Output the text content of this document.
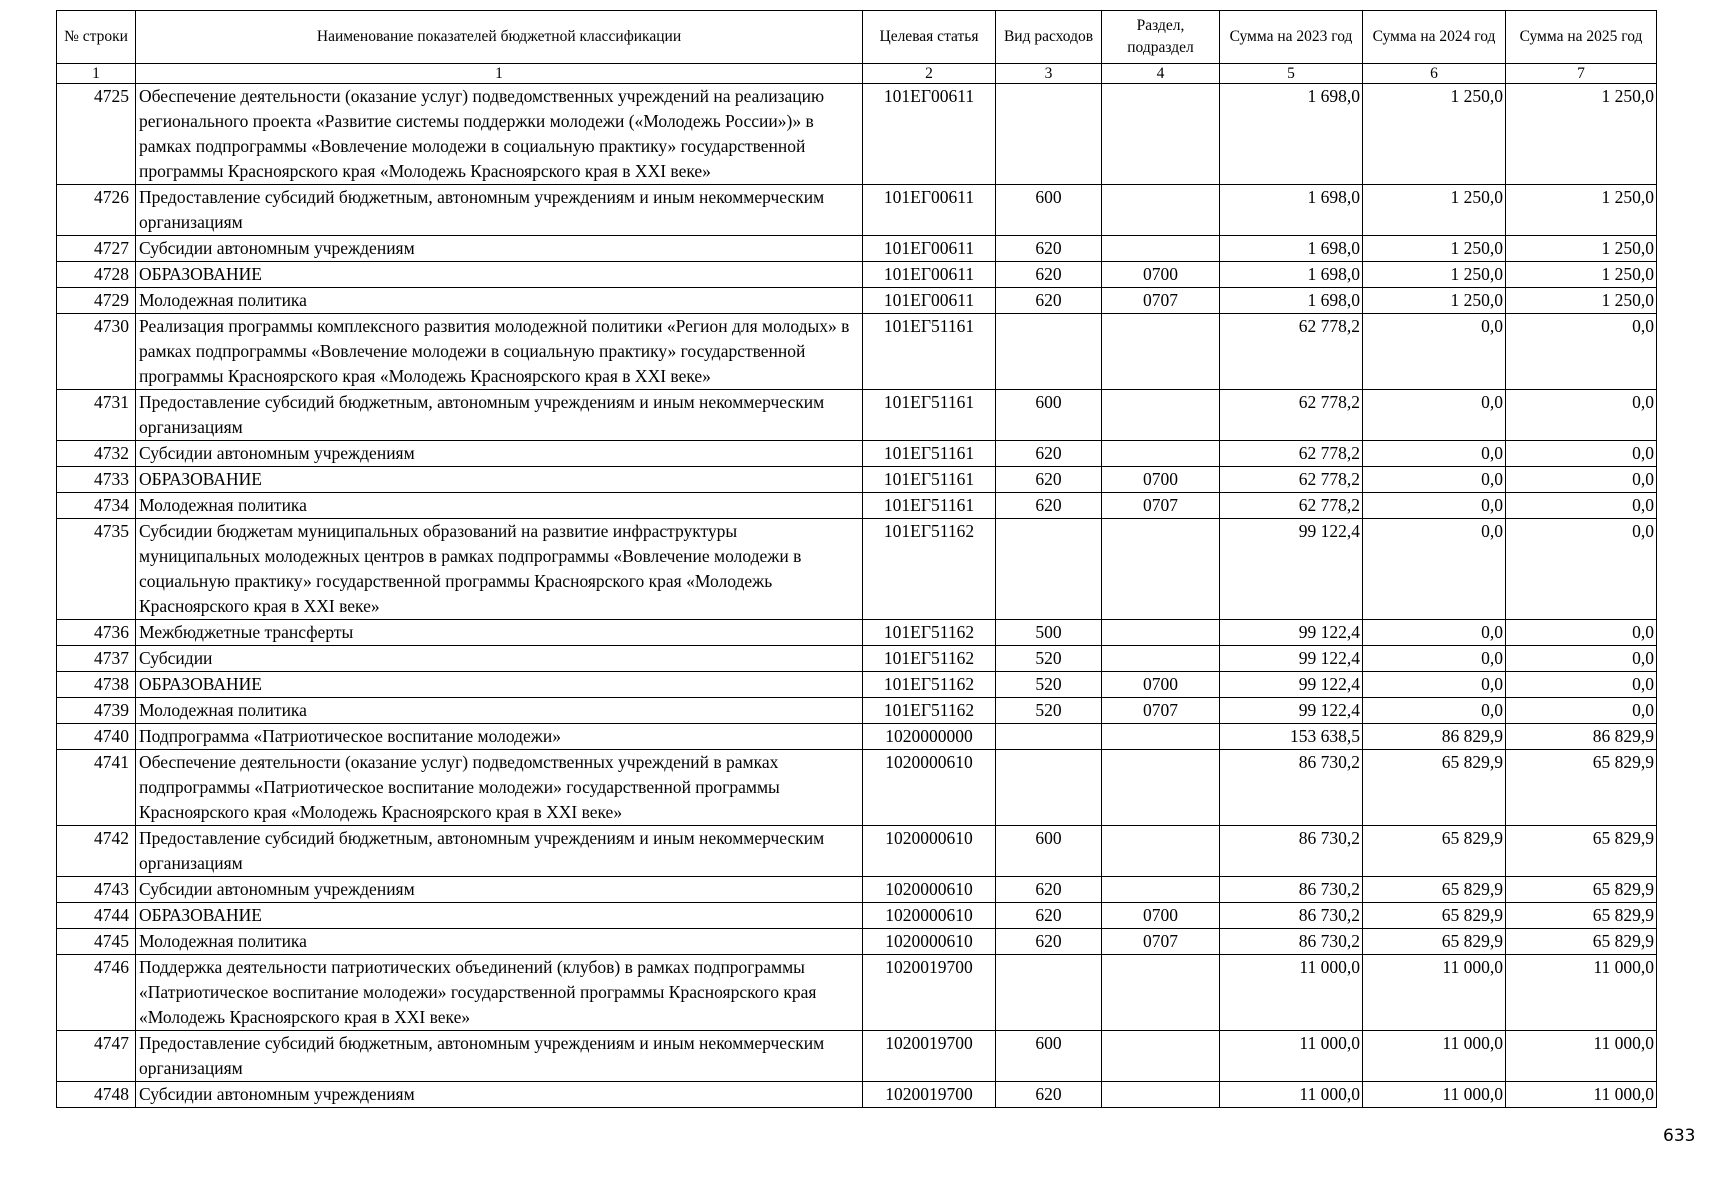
№ строки	Наименование показателей бюджетной классификации	Целевая статья	Вид расходов	Раздел, подраздел	Сумма на 2023 год	Сумма на 2024 год	Сумма на 2025 год
1	1	2	3	4	5	6	7
4725	Обеспечение деятельности (оказание услуг) подведомственных учреждений на реализацию регионального проекта «Развитие системы поддержки молодежи («Молодежь России»)» в рамках подпрограммы «Вовлечение молодежи в социальную практику» государственной программы Красноярского края «Молодежь Красноярского края в XXI веке»	101ЕГ00611			1 698,0	1 250,0	1 250,0
4726	Предоставление субсидий бюджетным, автономным учреждениям и иным некоммерческим организациям	101ЕГ00611	600		1 698,0	1 250,0	1 250,0
4727	Субсидии автономным учреждениям	101ЕГ00611	620		1 698,0	1 250,0	1 250,0
4728	ОБРАЗОВАНИЕ	101ЕГ00611	620	0700	1 698,0	1 250,0	1 250,0
4729	Молодежная политика	101ЕГ00611	620	0707	1 698,0	1 250,0	1 250,0
4730	Реализация программы комплексного развития молодежной политики «Регион для молодых» в рамках подпрограммы «Вовлечение молодежи в социальную практику» государственной программы Красноярского края «Молодежь Красноярского края в XXI веке»	101ЕГ51161			62 778,2	0,0	0,0
4731	Предоставление субсидий бюджетным, автономным учреждениям и иным некоммерческим организациям	101ЕГ51161	600		62 778,2	0,0	0,0
4732	Субсидии автономным учреждениям	101ЕГ51161	620		62 778,2	0,0	0,0
4733	ОБРАЗОВАНИЕ	101ЕГ51161	620	0700	62 778,2	0,0	0,0
4734	Молодежная политика	101ЕГ51161	620	0707	62 778,2	0,0	0,0
4735	Субсидии бюджетам муниципальных образований на развитие инфраструктуры муниципальных молодежных центров в рамках подпрограммы «Вовлечение молодежи в социальную практику» государственной программы Красноярского края «Молодежь Красноярского края в XXI веке»	101ЕГ51162			99 122,4	0,0	0,0
4736	Межбюджетные трансферты	101ЕГ51162	500		99 122,4	0,0	0,0
4737	Субсидии	101ЕГ51162	520		99 122,4	0,0	0,0
4738	ОБРАЗОВАНИЕ	101ЕГ51162	520	0700	99 122,4	0,0	0,0
4739	Молодежная политика	101ЕГ51162	520	0707	99 122,4	0,0	0,0
4740	Подпрограмма «Патриотическое воспитание молодежи»	1020000000			153 638,5	86 829,9	86 829,9
4741	Обеспечение деятельности (оказание услуг) подведомственных учреждений в рамках подпрограммы «Патриотическое воспитание молодежи» государственной программы Красноярского края «Молодежь Красноярского края в XXI веке»	1020000610			86 730,2	65 829,9	65 829,9
4742	Предоставление субсидий бюджетным, автономным учреждениям и иным некоммерческим организациям	1020000610	600		86 730,2	65 829,9	65 829,9
4743	Субсидии автономным учреждениям	1020000610	620		86 730,2	65 829,9	65 829,9
4744	ОБРАЗОВАНИЕ	1020000610	620	0700	86 730,2	65 829,9	65 829,9
4745	Молодежная политика	1020000610	620	0707	86 730,2	65 829,9	65 829,9
4746	Поддержка деятельности патриотических объединений (клубов) в рамках подпрограммы «Патриотическое воспитание молодежи» государственной программы Красноярского края «Молодежь Красноярского края в XXI веке»	1020019700			11 000,0	11 000,0	11 000,0
4747	Предоставление субсидий бюджетным, автономным учреждениям и иным некоммерческим организациям	1020019700	600		11 000,0	11 000,0	11 000,0
4748	Субсидии автономным учреждениям	1020019700	620		11 000,0	11 000,0	11 000,0
633
